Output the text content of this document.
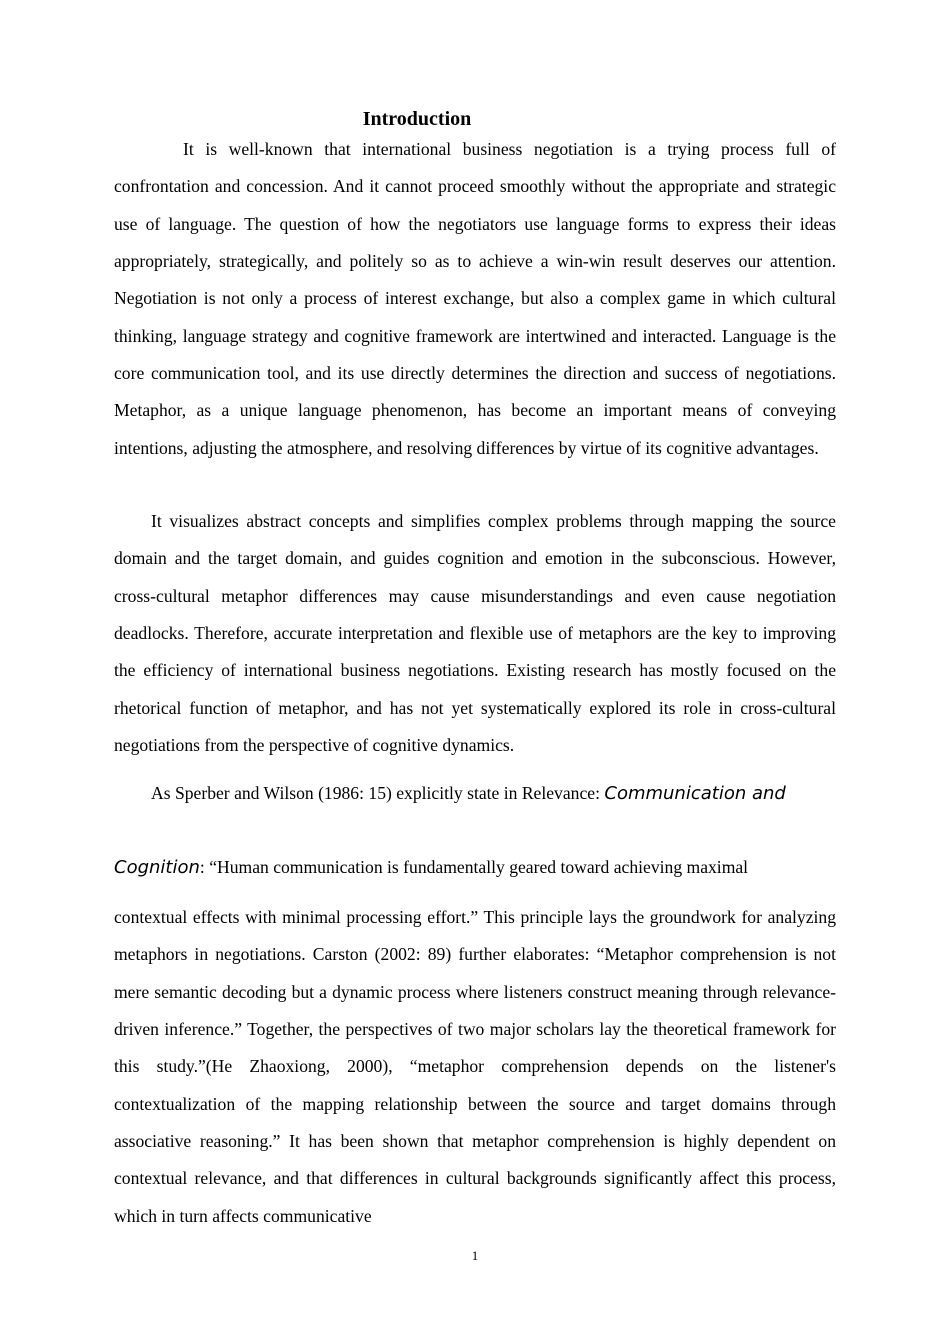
Introduction
It is well-known that international business negotiation is a trying process full of confrontation and concession. And it cannot proceed smoothly without the appropriate and strategic use of language. The question of how the negotiators use language forms to express their ideas appropriately, strategically, and politely so as to achieve a win-win result deserves our attention. Negotiation is not only a process of interest exchange, but also a complex game in which cultural thinking, language strategy and cognitive framework are intertwined and interacted. Language is the core communication tool, and its use directly determines the direction and success of negotiations. Metaphor, as a unique language phenomenon, has become an important means of conveying intentions, adjusting the atmosphere, and resolving differences by virtue of its cognitive advantages.
It visualizes abstract concepts and simplifies complex problems through mapping the source domain and the target domain, and guides cognition and emotion in the subconscious. However, cross-cultural metaphor differences may cause misunderstandings and even cause negotiation deadlocks. Therefore, accurate interpretation and flexible use of metaphors are the key to improving the efficiency of international business negotiations. Existing research has mostly focused on the rhetorical function of metaphor, and has not yet systematically explored its role in cross-cultural negotiations from the perspective of cognitive dynamics.
As Sperber and Wilson (1986: 15) explicitly state in Relevance: Communication and
Cognition: “Human communication is fundamentally geared toward achieving maximal
contextual effects with minimal processing effort.” This principle lays the groundwork for analyzing metaphors in negotiations. Carston (2002: 89) further elaborates: “Metaphor comprehension is not mere semantic decoding but a dynamic process where listeners construct meaning through relevance-driven inference.” Together, the perspectives of two major scholars lay the theoretical framework for this study.”(He Zhaoxiong, 2000), “metaphor comprehension depends on the listener's contextualization of the mapping relationship between the source and target domains through associative reasoning.” It has been shown that metaphor comprehension is highly dependent on contextual relevance, and that differences in cultural backgrounds significantly affect this process, which in turn affects communicative
1
